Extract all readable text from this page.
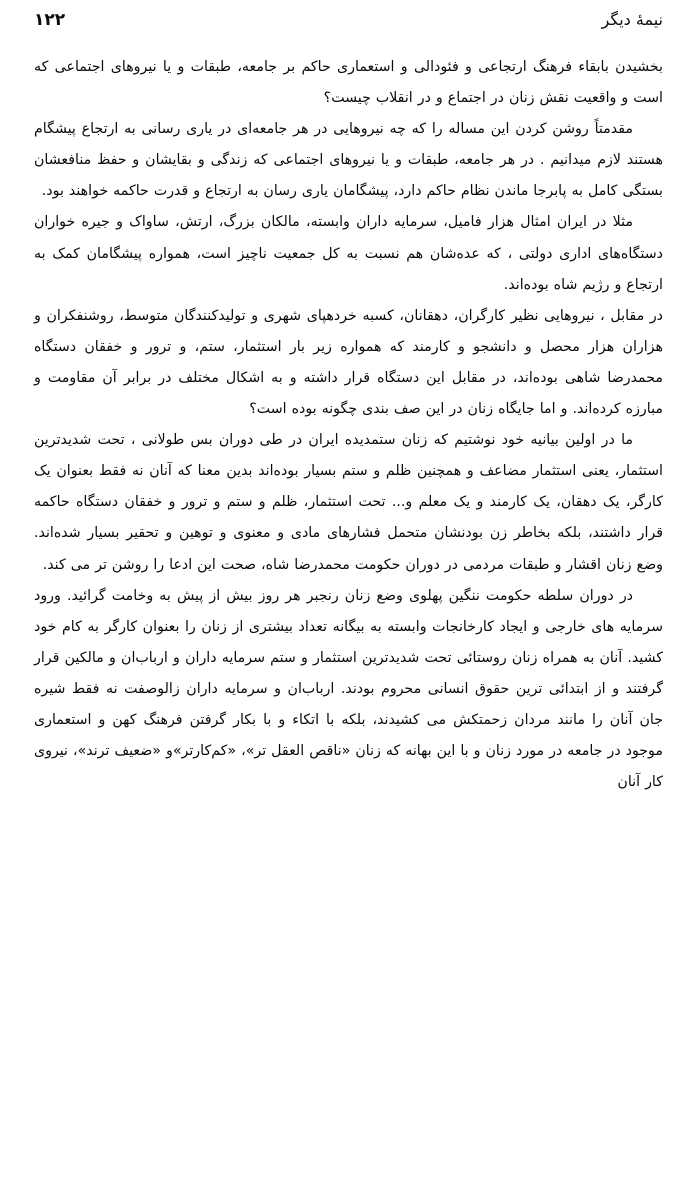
نیمهٔ دیگر
۱۲۲

بخشیدن بابقاء فرهنگ ارتجاعی و فئودالی و استعماری حاکم بر جامعه، طبقات و یا نیروهای اجتماعی که است و واقعیت نقش زنان در اجتماع و در انقلاب چیست؟

مقدمتاً روشن کردن این مساله را که چه نیروهایی در هر جامعه‌ای در یاری رسانی به ارتجاع پیشگام هستند لازم میدانیم . در هر جامعه، طبقات و یا نیروهای اجتماعی که زندگی و بقایشان و حفظ منافعشان بستگی کامل به پابرجا ماندن نظام حاکم دارد، پیشگامان یاری رسان به ارتجاع و قدرت حاکمه خواهند بود.

مثلا در ایران امثال هزار فامیل، سرمایه داران وابسته، مالکان بزرگ، ارتش، ساواک و جیره خواران دستگاه‌های اداری دولتی ، که عده‌شان هم نسبت به کل جمعیت ناچیز است، همواره پیشگامان کمک به ارتجاع و رژیم شاه بوده‌اند.

در مقابل ، نیروهایی نظیر کارگران، دهقانان، کسبه خردهپای شهری و تولیدکنندگان متوسط، روشنفکران و هزاران هزار محصل و دانشجو و کارمند که همواره زیر بار استثمار، ستم، و ترور و خفقان دستگاه محمدرضا شاهی بوده‌اند، در مقابل این دستگاه قرار داشته و به اشکال مختلف در برابر آن مقاومت و مبارزه کرده‌اند. و اما جایگاه زنان در این صف بندی چگونه بوده است؟

ما در اولین بیانیه خود نوشتیم که زنان ستمدیده ایران در طی دوران بس طولانی ، تحت شدیدترین استثمار، یعنی استثمار مضاعف و همچنین ظلم و ستم بسیار بوده‌اند بدین معنا که آنان نه فقط بعنوان یک کارگر، یک دهقان، یک کارمند و یک معلم و... تحت استثمار، ظلم و ستم و ترور و خفقان دستگاه حاکمه قرار داشتند، بلکه بخاطر زن بودنشان متحمل فشارهای مادی و معنوی و توهین و تحقیر بسیار شده‌اند. وضع زنان اقشار و طبقات مردمی در دوران حکومت محمدرضا شاه، صحت این ادعا را روشن تر می کند.

در دوران سلطه حکومت ننگین پهلوی وضع زنان رنجبر هر روز بیش از پیش به وخامت گرائید. ورود سرمایه های خارجی و ایجاد کارخانجات وابسته به بیگانه تعداد بیشتری از زنان را بعنوان کارگر به کام خود کشید. آنان به همراه زنان روستائی تحت شدیدترین استثمار و ستم سرمایه داران و ارباب‌ان و مالکین قرار گرفتند و از ابتدائی ترین حقوق انسانی محروم بودند. ارباب‌ان و سرمایه داران زالوصفت نه فقط شیره جان آنان را مانند مردان زحمتکش می کشیدند، بلکه با اتکاء و با بکار گرفتن فرهنگ کهن و استعماری موجود در جامعه در مورد زنان و با این بهانه که زنان «ناقص العقل تر»، «کم‌کارتر»و «ضعیف ترند»، نیروی کار آنان
